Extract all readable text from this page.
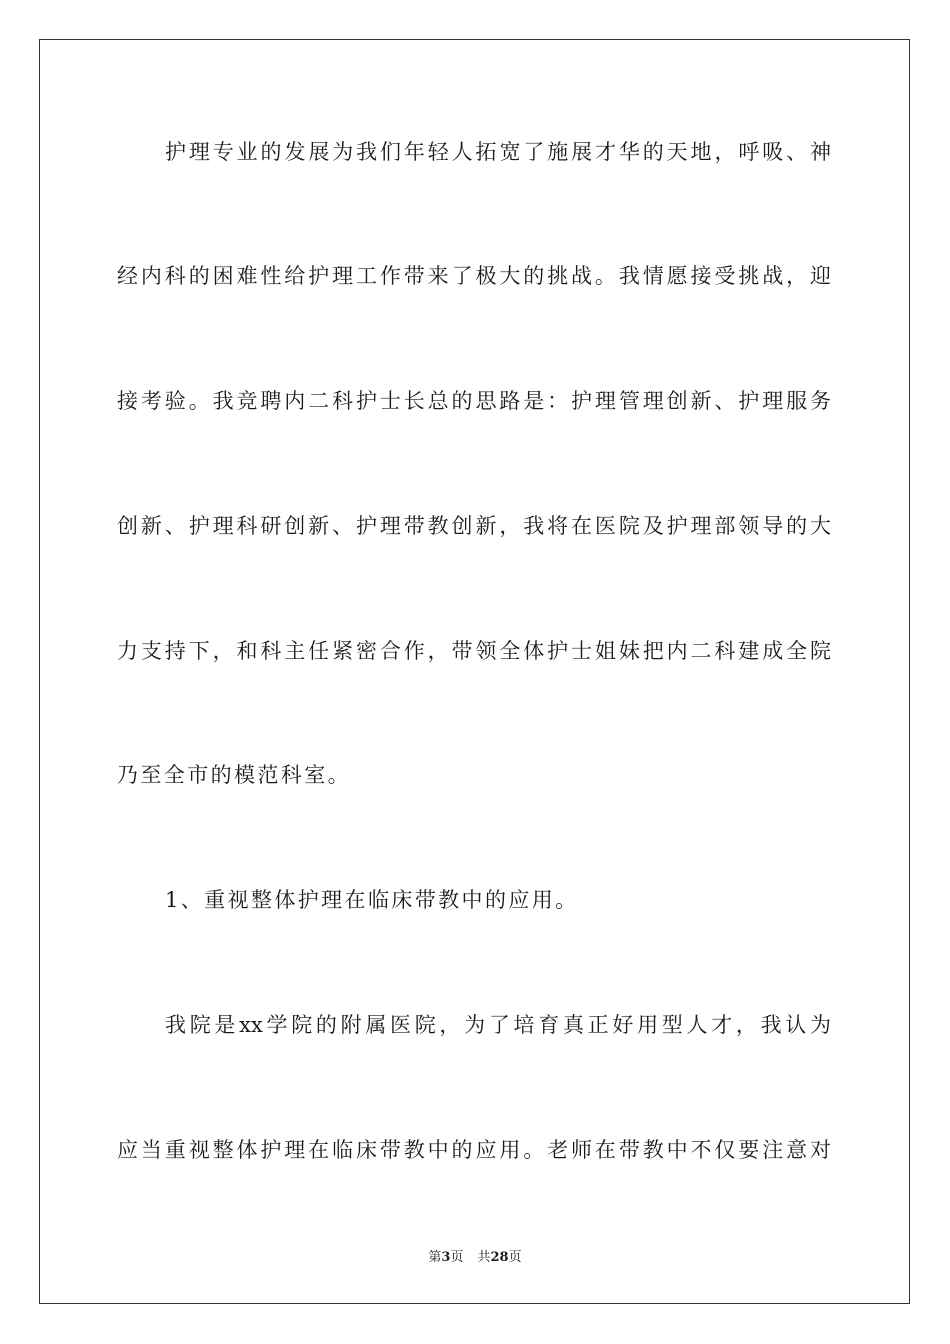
护理专业的发展为我们年轻人拓宽了施展才华的天地，呼吸、神
经内科的困难性给护理工作带来了极大的挑战。我情愿接受挑战，迎
接考验。我竞聘内二科护士长总的思路是：护理管理创新、护理服务
创新、护理科研创新、护理带教创新，我将在医院及护理部领导的大
力支持下，和科主任紧密合作，带领全体护士姐妹把内二科建成全院
乃至全市的模范科室。
1、重视整体护理在临床带教中的应用。
我院是xx学院的附属医院，为了培育真正好用型人才，我认为
应当重视整体护理在临床带教中的应用。老师在带教中不仅要注意对
第3页 共28页
